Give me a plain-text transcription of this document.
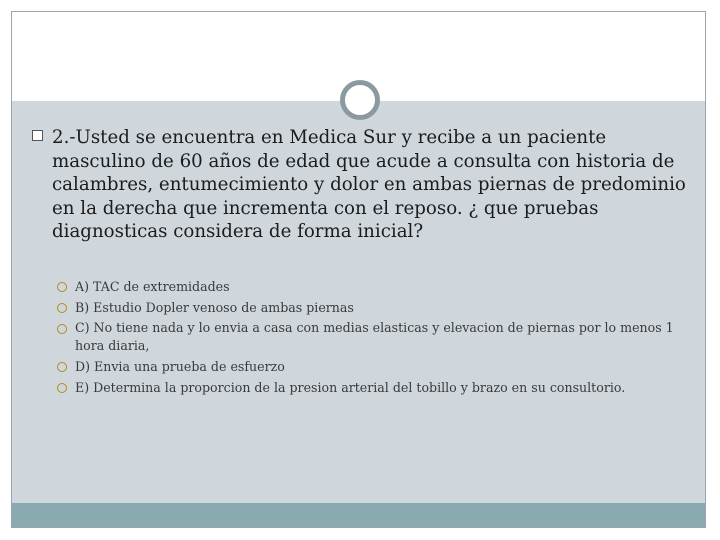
2.-Usted se encuentra en Medica Sur y recibe a un paciente masculino de 60 años de edad que acude a consulta con historia de calambres, entumecimiento y dolor en ambas piernas de predominio en la derecha que incrementa con el reposo. ¿ que pruebas diagnosticas considera de forma inicial?
A) TAC de extremidades
B) Estudio Dopler venoso de ambas piernas
C) No tiene nada y lo envia a casa con medias elasticas y elevacion de piernas por lo menos 1 hora diaria,
D) Envia una prueba de esfuerzo
E) Determina la proporcion de la presion arterial del tobillo y brazo en su consultorio.
